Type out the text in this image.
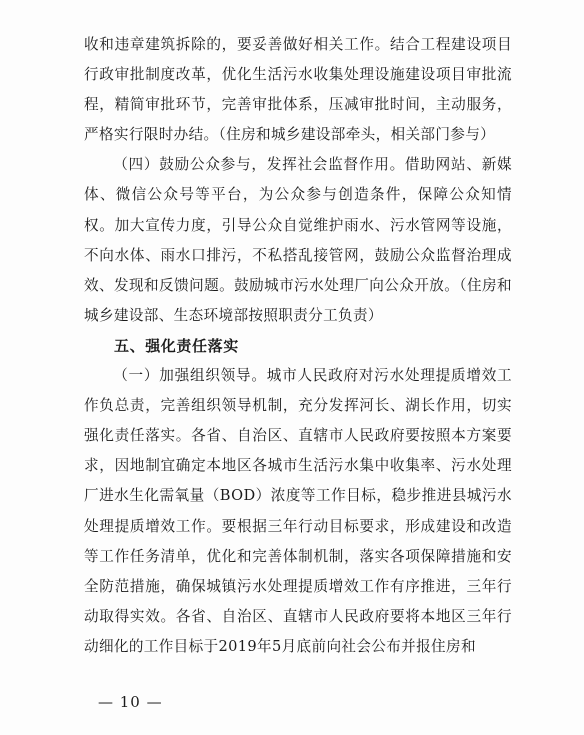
收和违章建筑拆除的，要妥善做好相关工作。结合工程建设项目行政审批制度改革，优化生活污水收集处理设施建设项目审批流程，精简审批环节，完善审批体系，压减审批时间，主动服务，严格实行限时办结。（住房和城乡建设部牵头，相关部门参与）

（四）鼓励公众参与，发挥社会监督作用。借助网站、新媒体、微信公众号等平台，为公众参与创造条件，保障公众知情权。加大宣传力度，引导公众自觉维护雨水、污水管网等设施，不向水体、雨水口排污，不私搭乱接管网，鼓励公众监督治理成效、发现和反馈问题。鼓励城市污水处理厂向公众开放。（住房和城乡建设部、生态环境部按照职责分工负责）

五、强化责任落实

（一）加强组织领导。城市人民政府对污水处理提质增效工作负总责，完善组织领导机制，充分发挥河长、湖长作用，切实强化责任落实。各省、自治区、直辖市人民政府要按照本方案要求，因地制宜确定本地区各城市生活污水集中收集率、污水处理厂进水生化需氧量（BOD）浓度等工作目标，稳步推进县城污水处理提质增效工作。要根据三年行动目标要求，形成建设和改造等工作任务清单，优化和完善体制机制，落实各项保障措施和安全防范措施，确保城镇污水处理提质增效工作有序推进，三年行动取得实效。各省、自治区、直辖市人民政府要将本地区三年行动细化的工作目标于2019年5月底前向社会公布并报住房和

— 10 —
